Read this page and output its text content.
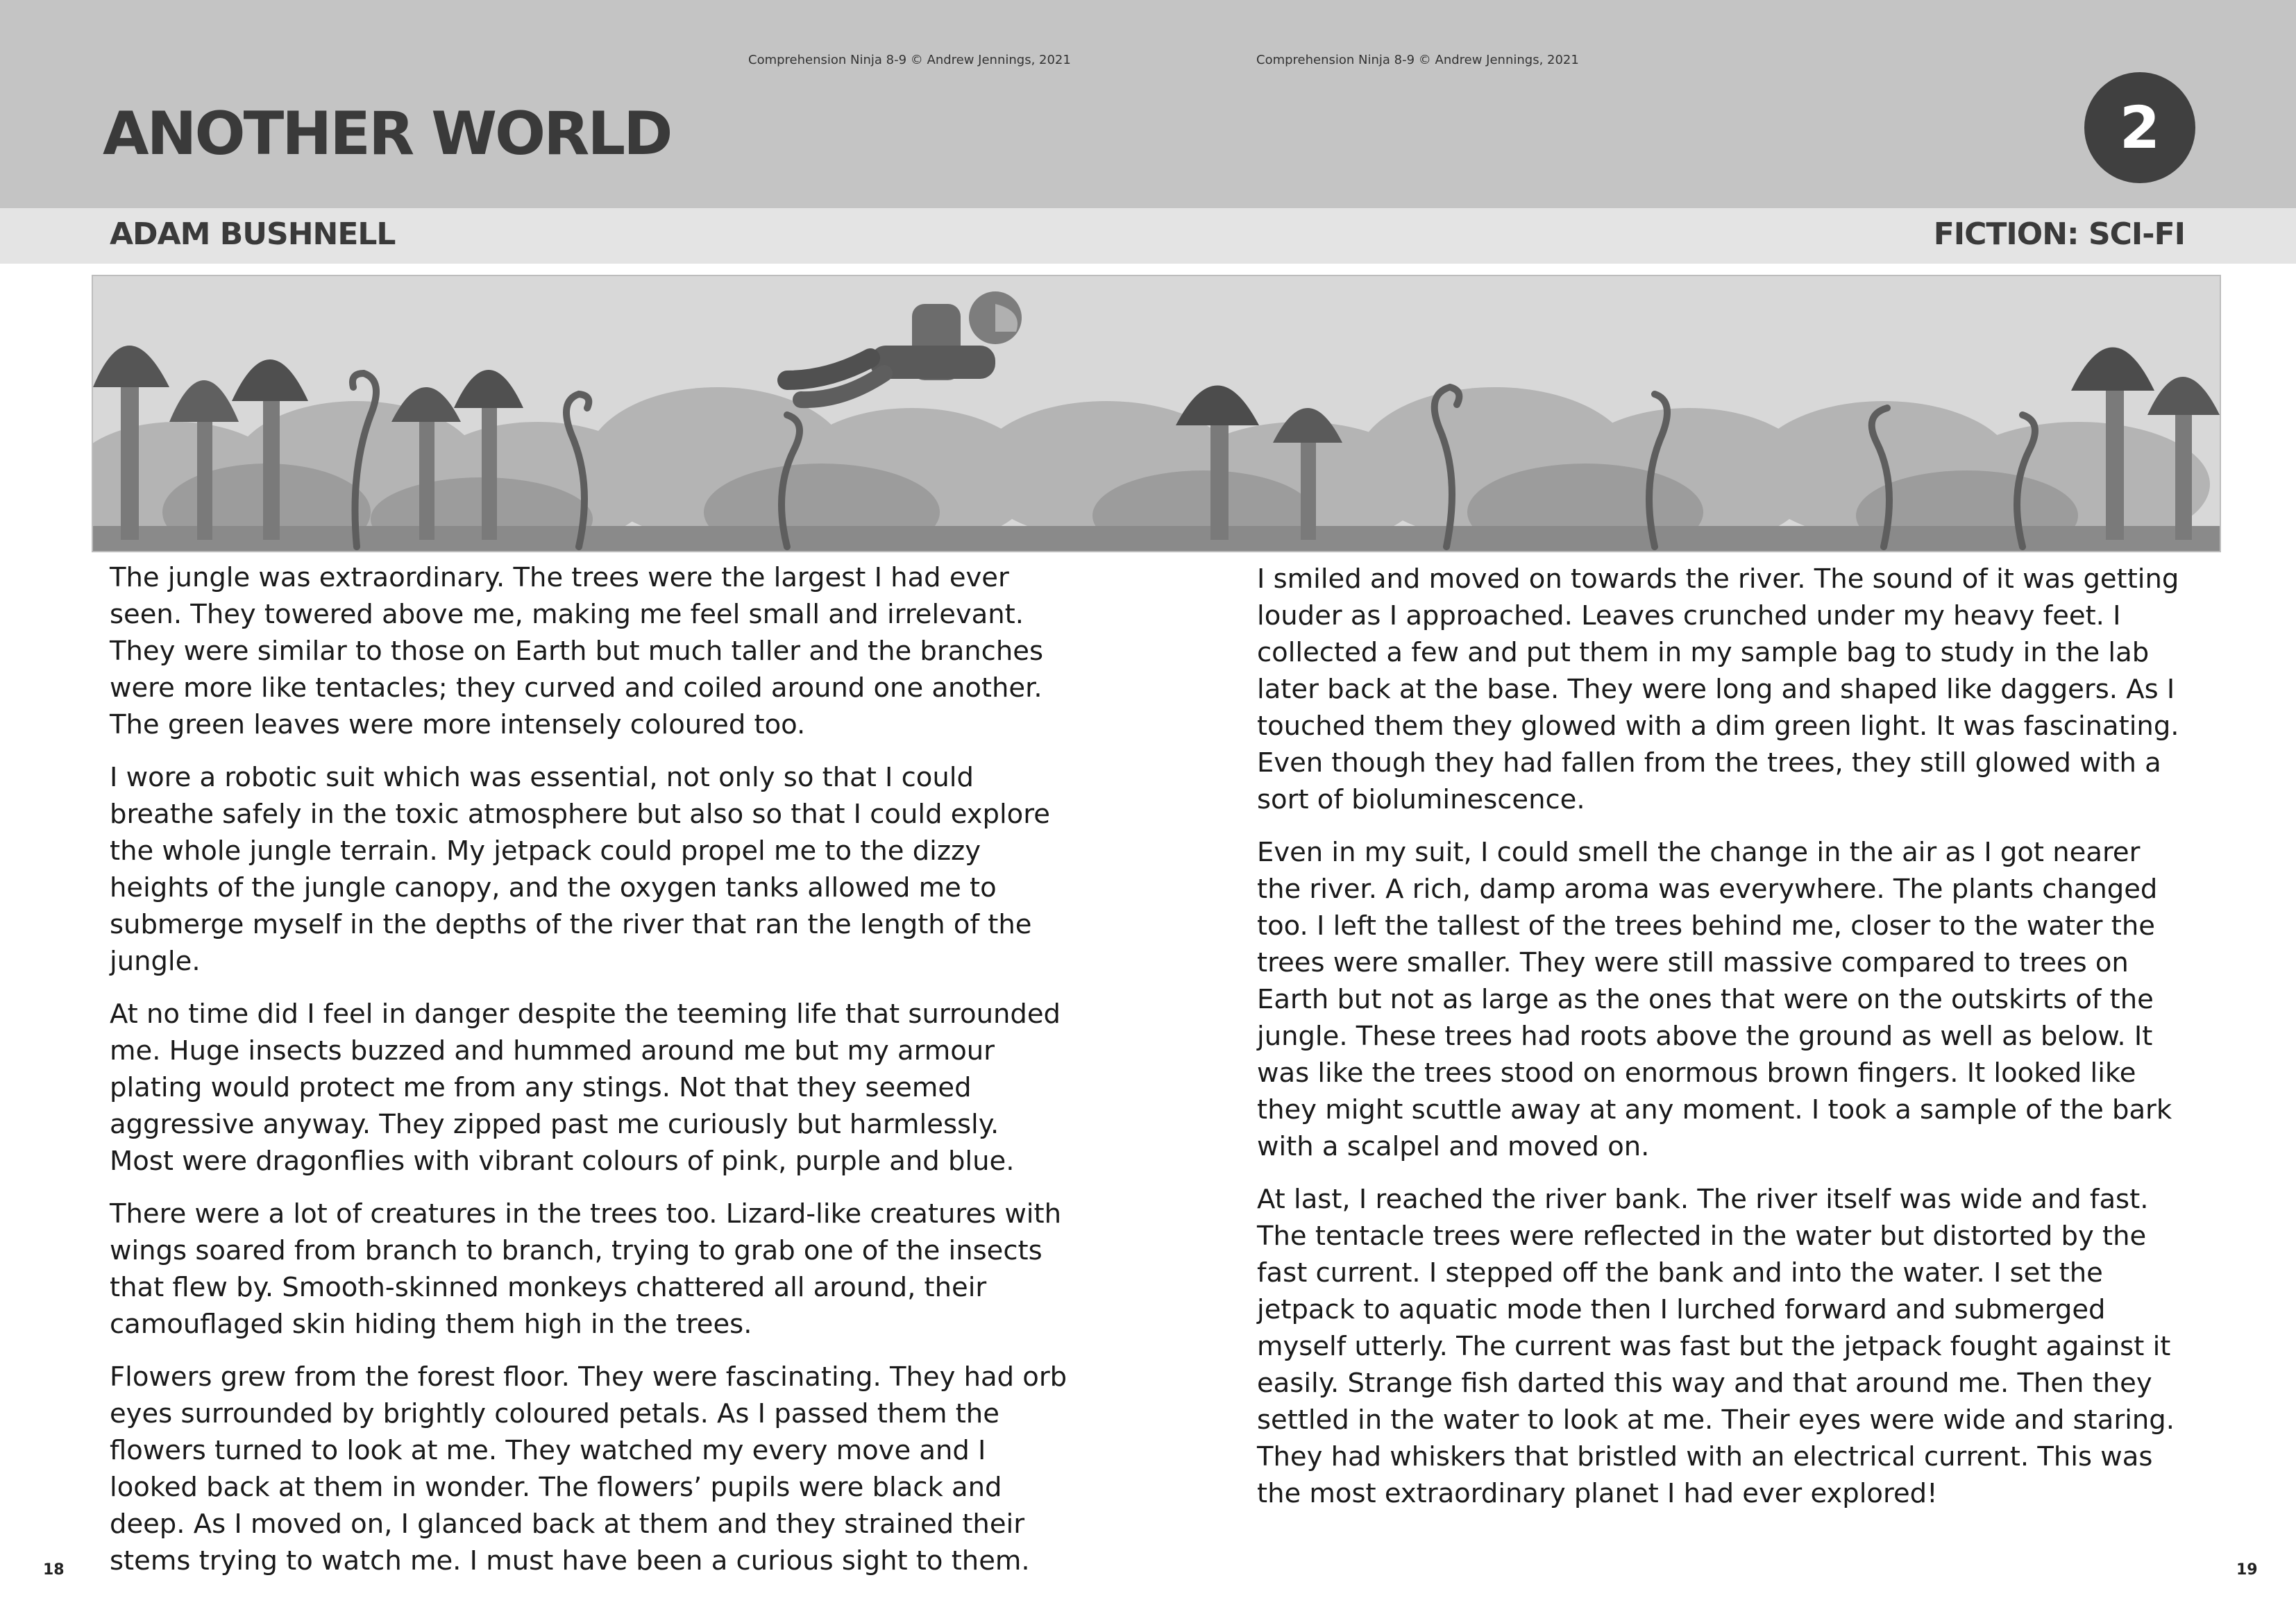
Comprehension Ninja 8-9 © Andrew Jennings, 2021	Comprehension Ninja 8-9 © Andrew Jennings, 2021
ANOTHER WORLD	2
ADAM BUSHNELL	FICTION: SCI-FI

The jungle was extraordinary. The trees were the largest I had ever seen. They towered above me, making me feel small and irrelevant. They were similar to those on Earth but much taller and the branches were more like tentacles; they curved and coiled around one another. The green leaves were more intensely coloured too.

I wore a robotic suit which was essential, not only so that I could breathe safely in the toxic atmosphere but also so that I could explore the whole jungle terrain. My jetpack could propel me to the dizzy heights of the jungle canopy, and the oxygen tanks allowed me to submerge myself in the depths of the river that ran the length of the jungle.

At no time did I feel in danger despite the teeming life that surrounded me. Huge insects buzzed and hummed around me but my armour plating would protect me from any stings. Not that they seemed aggressive anyway. They zipped past me curiously but harmlessly. Most were dragonflies with vibrant colours of pink, purple and blue.

There were a lot of creatures in the trees too. Lizard-like creatures with wings soared from branch to branch, trying to grab one of the insects that flew by. Smooth-skinned monkeys chattered all around, their camouflaged skin hiding them high in the trees.

Flowers grew from the forest floor. They were fascinating. They had orb eyes surrounded by brightly coloured petals. As I passed them the flowers turned to look at me. They watched my every move and I looked back at them in wonder. The flowers’ pupils were black and deep. As I moved on, I glanced back at them and they strained their stems trying to watch me. I must have been a curious sight to them.

I smiled and moved on towards the river. The sound of it was getting louder as I approached. Leaves crunched under my heavy feet. I collected a few and put them in my sample bag to study in the lab later back at the base. They were long and shaped like daggers. As I touched them they glowed with a dim green light. It was fascinating. Even though they had fallen from the trees, they still glowed with a sort of bioluminescence.

Even in my suit, I could smell the change in the air as I got nearer the river. A rich, damp aroma was everywhere. The plants changed too. I left the tallest of the trees behind me, closer to the water the trees were smaller. They were still massive compared to trees on Earth but not as large as the ones that were on the outskirts of the jungle. These trees had roots above the ground as well as below. It was like the trees stood on enormous brown fingers. It looked like they might scuttle away at any moment. I took a sample of the bark with a scalpel and moved on.

At last, I reached the river bank. The river itself was wide and fast. The tentacle trees were reflected in the water but distorted by the fast current. I stepped off the bank and into the water. I set the jetpack to aquatic mode then I lurched forward and submerged myself utterly. The current was fast but the jetpack fought against it easily. Strange fish darted this way and that around me. Then they settled in the water to look at me. Their eyes were wide and staring. They had whiskers that bristled with an electrical current. This was the most extraordinary planet I had ever explored!

18	19
